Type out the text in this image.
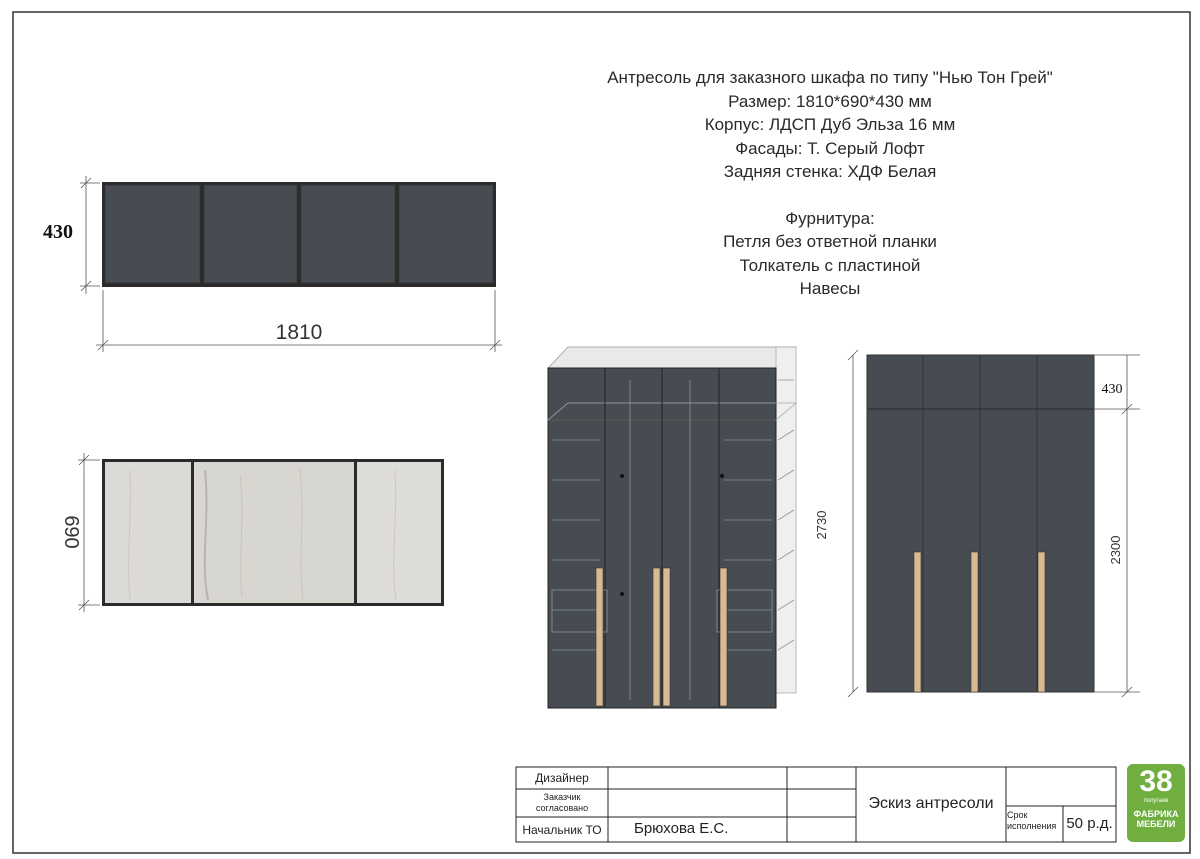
430
1810
690	2730
430
2300
Антресоль для заказного шкафа по типу "Нью Тон Грей"
Размер: 1810*690*430 мм
Корпус: ЛДСП Дуб Эльза 16 мм
Фасады: Т. Серый Лофт
Задняя стенка: ХДФ Белая
Фурнитура:
Петля без ответной планки
Толкатель с пластиной
Навесы
Дизайнер
Заказчик согласовано
Начальник ТО	Брюхова Е.С.
Эскиз антресоли
Срок исполнения 50 р.д.
38
попугаев
ФАБРИКА
МЕБЕЛИ
